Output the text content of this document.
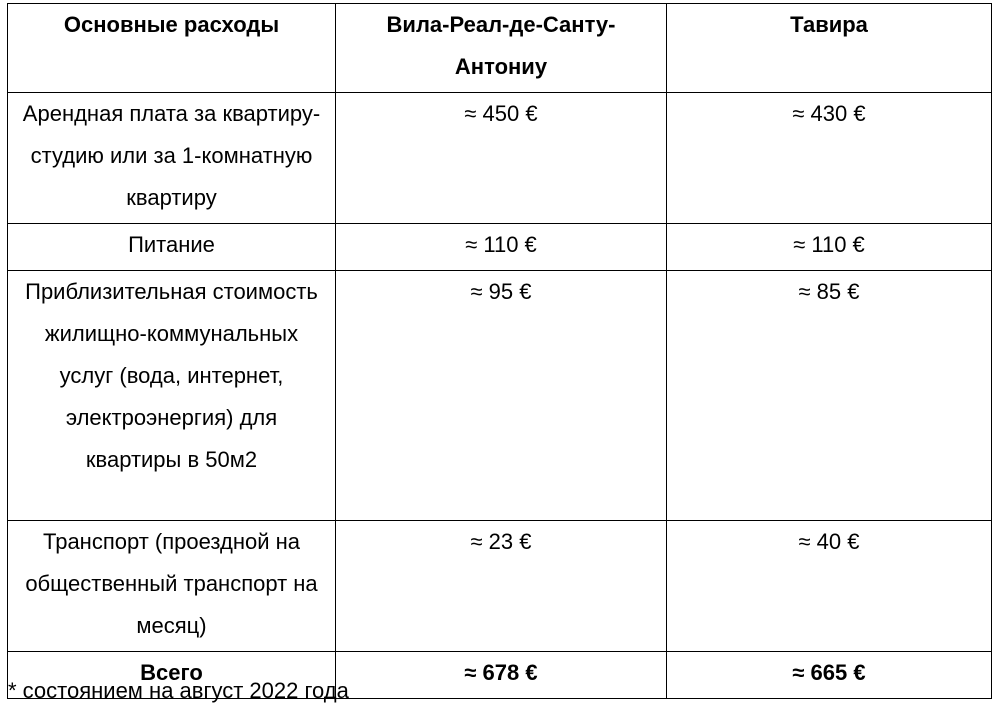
Основные расходы	Вила-Реал-де-Санту-Антониу	Тавира
Арендная плата за квартиру-студию или за 1-комнатную квартиру	≈ 450 €	≈ 430 €
Питание	≈ 110 €	≈ 110 €
Приблизительная стоимость жилищно-коммунальных услуг (вода, интернет, электроэнергия) для квартиры в 50м2	≈ 95 €	≈ 85 €
Транспорт (проездной на общественный транспорт на месяц)	≈ 23 €	≈ 40 €
Всего	≈ 678 €	≈ 665 €
* состоянием на август 2022 года
